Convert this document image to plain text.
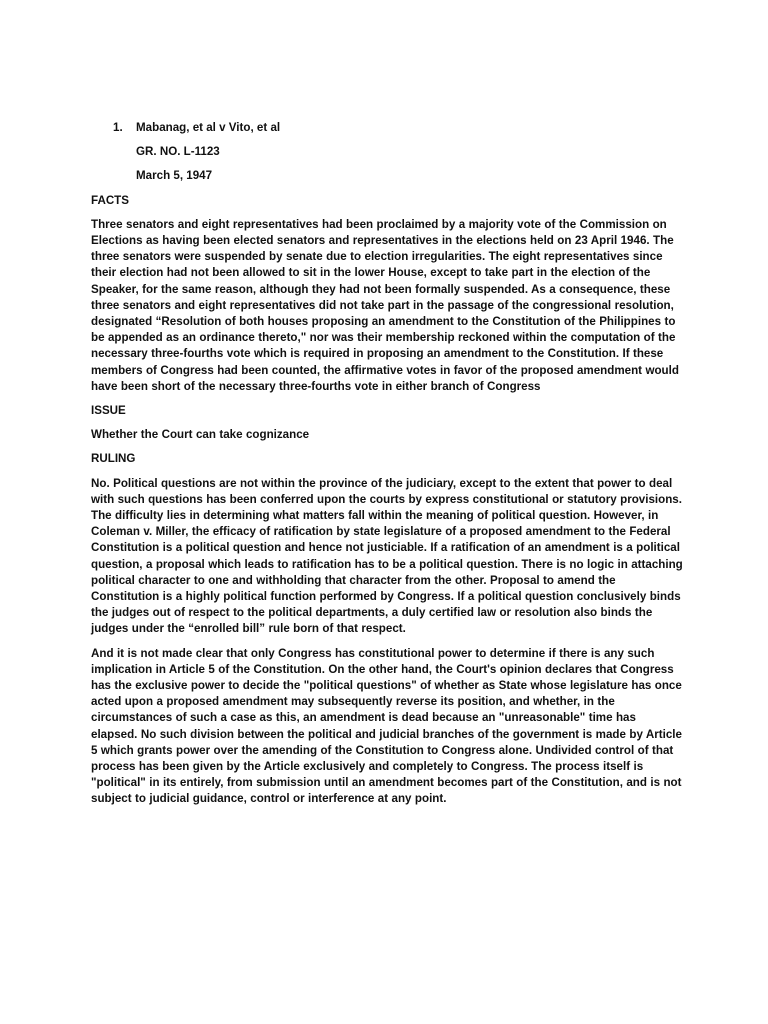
1.	Mabanag, et al v Vito, et al
GR. NO. L-1123
March 5, 1947
FACTS

Three senators and eight representatives had been proclaimed by a majority vote of the Commission on Elections as having been elected senators and representatives in the elections held on 23 April 1946. The three senators were suspended by senate due to election irregularities. The eight representatives since their election had not been allowed to sit in the lower House, except to take part in the election of the Speaker, for the same reason, although they had not been formally suspended. As a consequence, these three senators and eight representatives did not take part in the passage of the congressional resolution, designated “Resolution of both houses proposing an amendment to the Constitution of the Philippines to be appended as an ordinance thereto," nor was their membership reckoned within the computation of the necessary three-fourths vote which is required in proposing an amendment to the Constitution. If these members of Congress had been counted, the affirmative votes in favor of the proposed amendment would have been short of the necessary three-fourths vote in either branch of Congress

ISSUE

Whether the Court can take cognizance

RULING

No. Political questions are not within the province of the judiciary, except to the extent that power to deal with such questions has been conferred upon the courts by express constitutional or statutory provisions. The difficulty lies in determining what matters fall within the meaning of political question. However, in Coleman v. Miller, the efficacy of ratification by state legislature of a proposed amendment to the Federal Constitution is a political question and hence not justiciable. If a ratification of an amendment is a political question, a proposal which leads to ratification has to be a political question. There is no logic in attaching political character to one and withholding that character from the other. Proposal to amend the Constitution is a highly political function performed by Congress. If a political question conclusively binds the judges out of respect to the political departments, a duly certified law or resolution also binds the judges under the “enrolled bill” rule born of that respect.

And it is not made clear that only Congress has constitutional power to determine if there is any such implication in Article 5 of the Constitution. On the other hand, the Court's opinion declares that Congress has the exclusive power to decide the "political questions" of whether as State whose legislature has once acted upon a proposed amendment may subsequently reverse its position, and whether, in the circumstances of such a case as this, an amendment is dead because an "unreasonable" time has elapsed. No such division between the political and judicial branches of the government is made by Article 5 which grants power over the amending of the Constitution to Congress alone. Undivided control of that process has been given by the Article exclusively and completely to Congress. The process itself is "political" in its entirely, from submission until an amendment becomes part of the Constitution, and is not subject to judicial guidance, control or interference at any point.
